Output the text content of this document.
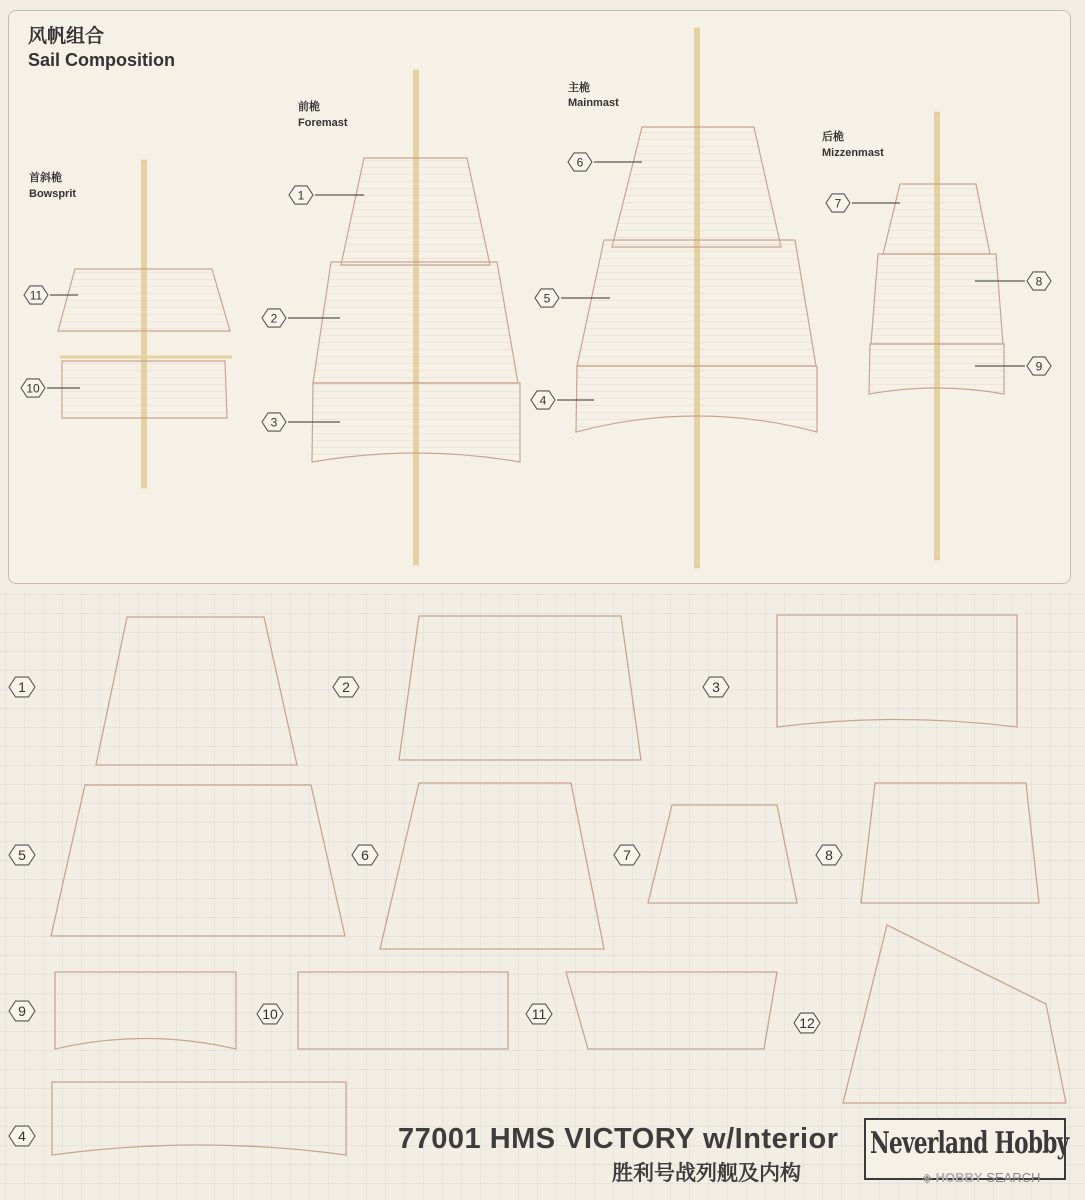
1
2
3
4
5
6
7
8
9
10
11
1	2	3
5	6	7	8
9	10	11
12
4
风帆组合
Sail Composition
首斜桅
Bowsprit
前桅
Foremast
主桅
Mainmast
后桅
Mizzenmast
77001 HMS VICTORY w/Interior
胜利号战列舰及内构
Neverland Hobby
◈ HOBBY SEARCH
